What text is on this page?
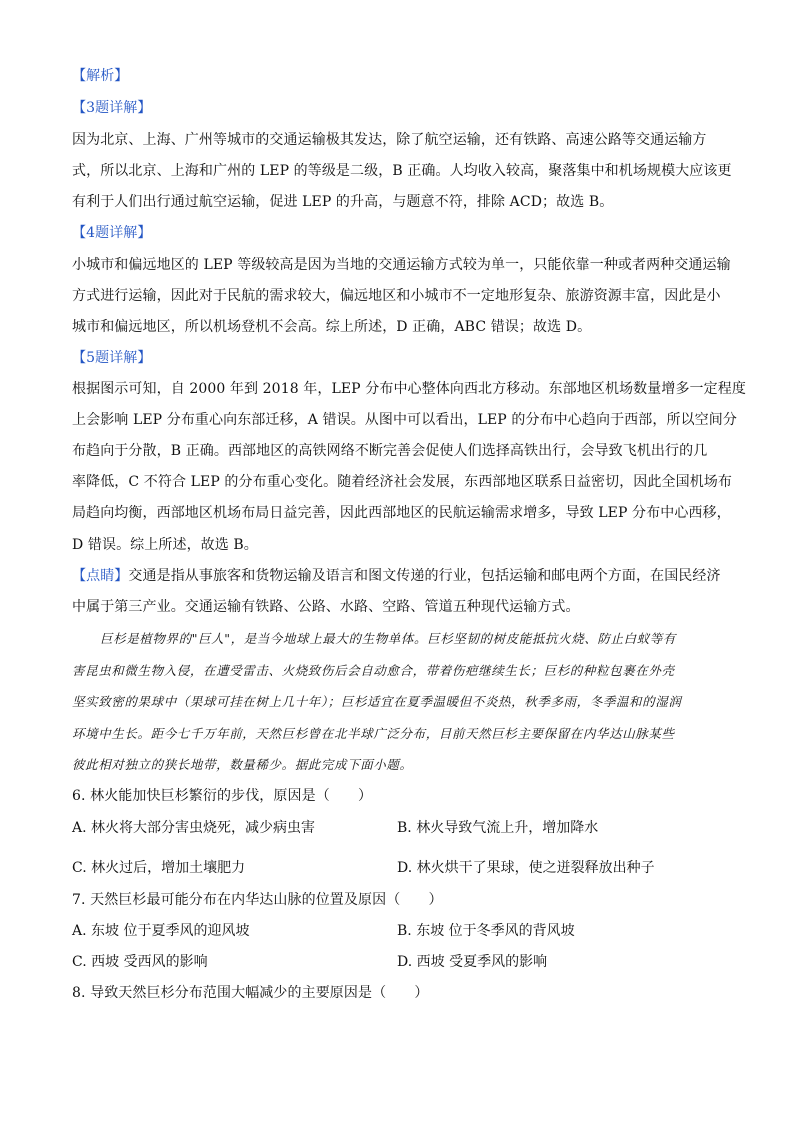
【解析】
【3题详解】
因为北京、上海、广州等城市的交通运输极其发达，除了航空运输，还有铁路、高速公路等交通运输方
式，所以北京、上海和广州的 LEP 的等级是二级，B 正确。人均收入较高，聚落集中和机场规模大应该更
有利于人们出行通过航空运输，促进 LEP 的升高，与题意不符，排除 ACD；故选 B。
【4题详解】
小城市和偏远地区的 LEP 等级较高是因为当地的交通运输方式较为单一，只能依靠一种或者两种交通运输
方式进行运输，因此对于民航的需求较大，偏远地区和小城市不一定地形复杂、旅游资源丰富，因此是小
城市和偏远地区，所以机场登机不会高。综上所述，D 正确，ABC 错误；故选 D。
【5题详解】
根据图示可知，自 2000 年到 2018 年，LEP 分布中心整体向西北方移动。东部地区机场数量增多一定程度
上会影响 LEP 分布重心向东部迁移，A 错误。从图中可以看出，LEP 的分布中心趋向于西部，所以空间分
布趋向于分散，B 正确。西部地区的高铁网络不断完善会促使人们选择高铁出行，会导致飞机出行的几
率降低，C 不符合 LEP 的分布重心变化。随着经济社会发展，东西部地区联系日益密切，因此全国机场布
局趋向均衡，西部地区机场布局日益完善，因此西部地区的民航运输需求增多，导致 LEP 分布中心西移，
D 错误。综上所述，故选 B。
【点睛】交通是指从事旅客和货物运输及语言和图文传递的行业，包括运输和邮电两个方面，在国民经济
中属于第三产业。交通运输有铁路、公路、水路、空路、管道五种现代运输方式。
巨杉是植物界的"巨人"，是当今地球上最大的生物单体。巨杉坚韧的树皮能抵抗火烧、防止白蚁等有
害昆虫和微生物入侵，在遭受雷击、火烧致伤后会自动愈合，带着伤疤继续生长；巨杉的种粒包裹在外壳
坚实致密的果球中（果球可挂在树上几十年）；巨杉适宜在夏季温暖但不炎热，秋季多雨，冬季温和的湿润
环境中生长。距今七千万年前，天然巨杉曾在北半球广泛分布，目前天然巨杉主要保留在内华达山脉某些
彼此相对独立的狭长地带，数量稀少。据此完成下面小题。
6. 林火能加快巨杉繁衍的步伐，原因是（　　）
A. 林火将大部分害虫烧死，减少病虫害	B. 林火导致气流上升，增加降水
C. 林火过后，增加土壤肥力	D. 林火烘干了果球，使之迸裂释放出种子
7. 天然巨杉最可能分布在内华达山脉的位置及原因（　　）
A. 东坡 位于夏季风的迎风坡	B. 东坡 位于冬季风的背风坡
C. 西坡 受西风的影响	D. 西坡 受夏季风的影响
8. 导致天然巨杉分布范围大幅减少的主要原因是（　　）
